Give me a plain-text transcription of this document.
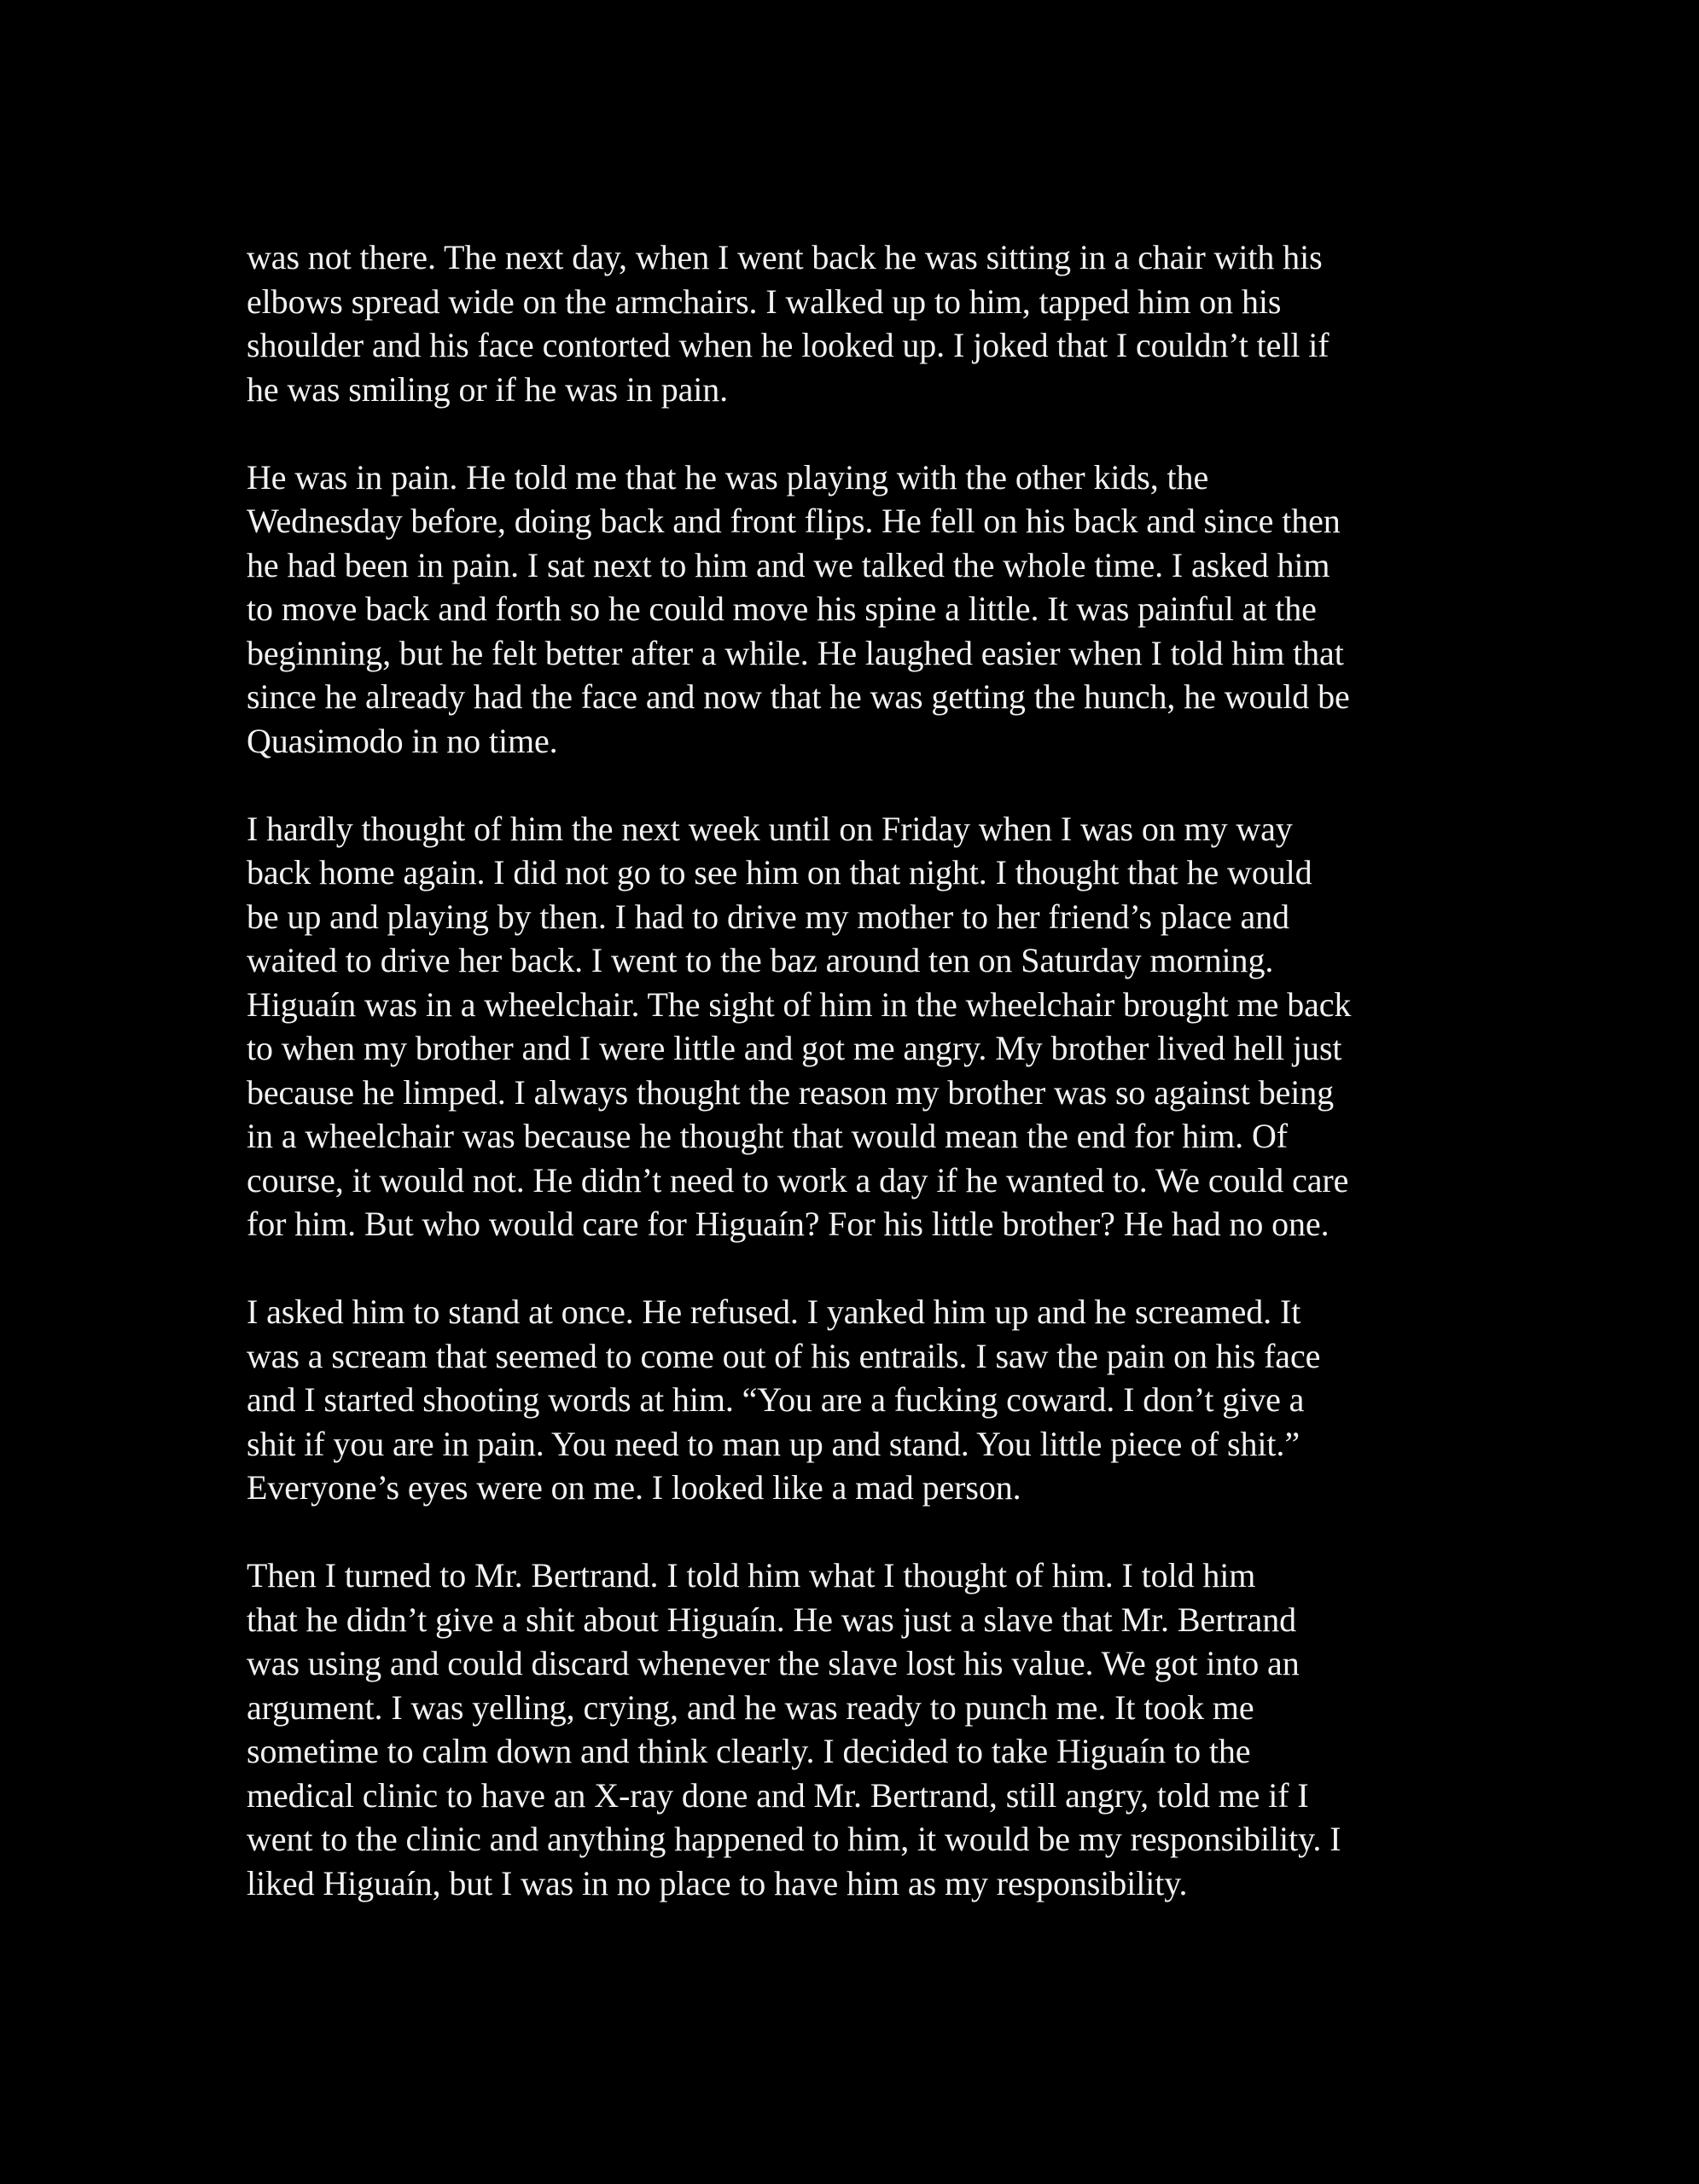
was not there. The next day, when I went back he was sitting in a chair with his
elbows spread wide on the armchairs. I walked up to him, tapped him on his
shoulder and his face contorted when he looked up. I joked that I couldn’t tell if
he was smiling or if he was in pain.
He was in pain. He told me that he was playing with the other kids, the
Wednesday before, doing back and front flips. He fell on his back and since then
he had been in pain. I sat next to him and we talked the whole time. I asked him
to move back and forth so he could move his spine a little. It was painful at the
beginning, but he felt better after a while. He laughed easier when I told him that
since he already had the face and now that he was getting the hunch, he would be
Quasimodo in no time.
I hardly thought of him the next week until on Friday when I was on my way
back home again. I did not go to see him on that night. I thought that he would
be up and playing by then. I had to drive my mother to her friend’s place and
waited to drive her back. I went to the baz around ten on Saturday morning.
Higuaín was in a wheelchair. The sight of him in the wheelchair brought me back
to when my brother and I were little and got me angry. My brother lived hell just
because he limped. I always thought the reason my brother was so against being
in a wheelchair was because he thought that would mean the end for him. Of
course, it would not. He didn’t need to work a day if he wanted to. We could care
for him. But who would care for Higuaín? For his little brother? He had no one.
I asked him to stand at once. He refused. I yanked him up and he screamed. It
was a scream that seemed to come out of his entrails. I saw the pain on his face
and I started shooting words at him. “You are a fucking coward. I don’t give a
shit if you are in pain. You need to man up and stand. You little piece of shit.”
Everyone’s eyes were on me. I looked like a mad person.
Then I turned to Mr. Bertrand. I told him what I thought of him. I told him
that he didn’t give a shit about Higuaín. He was just a slave that Mr. Bertrand
was using and could discard whenever the slave lost his value. We got into an
argument. I was yelling, crying, and he was ready to punch me. It took me
sometime to calm down and think clearly. I decided to take Higuaín to the
medical clinic to have an X-ray done and Mr. Bertrand, still angry, told me if I
went to the clinic and anything happened to him, it would be my responsibility. I
liked Higuaín, but I was in no place to have him as my responsibility.
